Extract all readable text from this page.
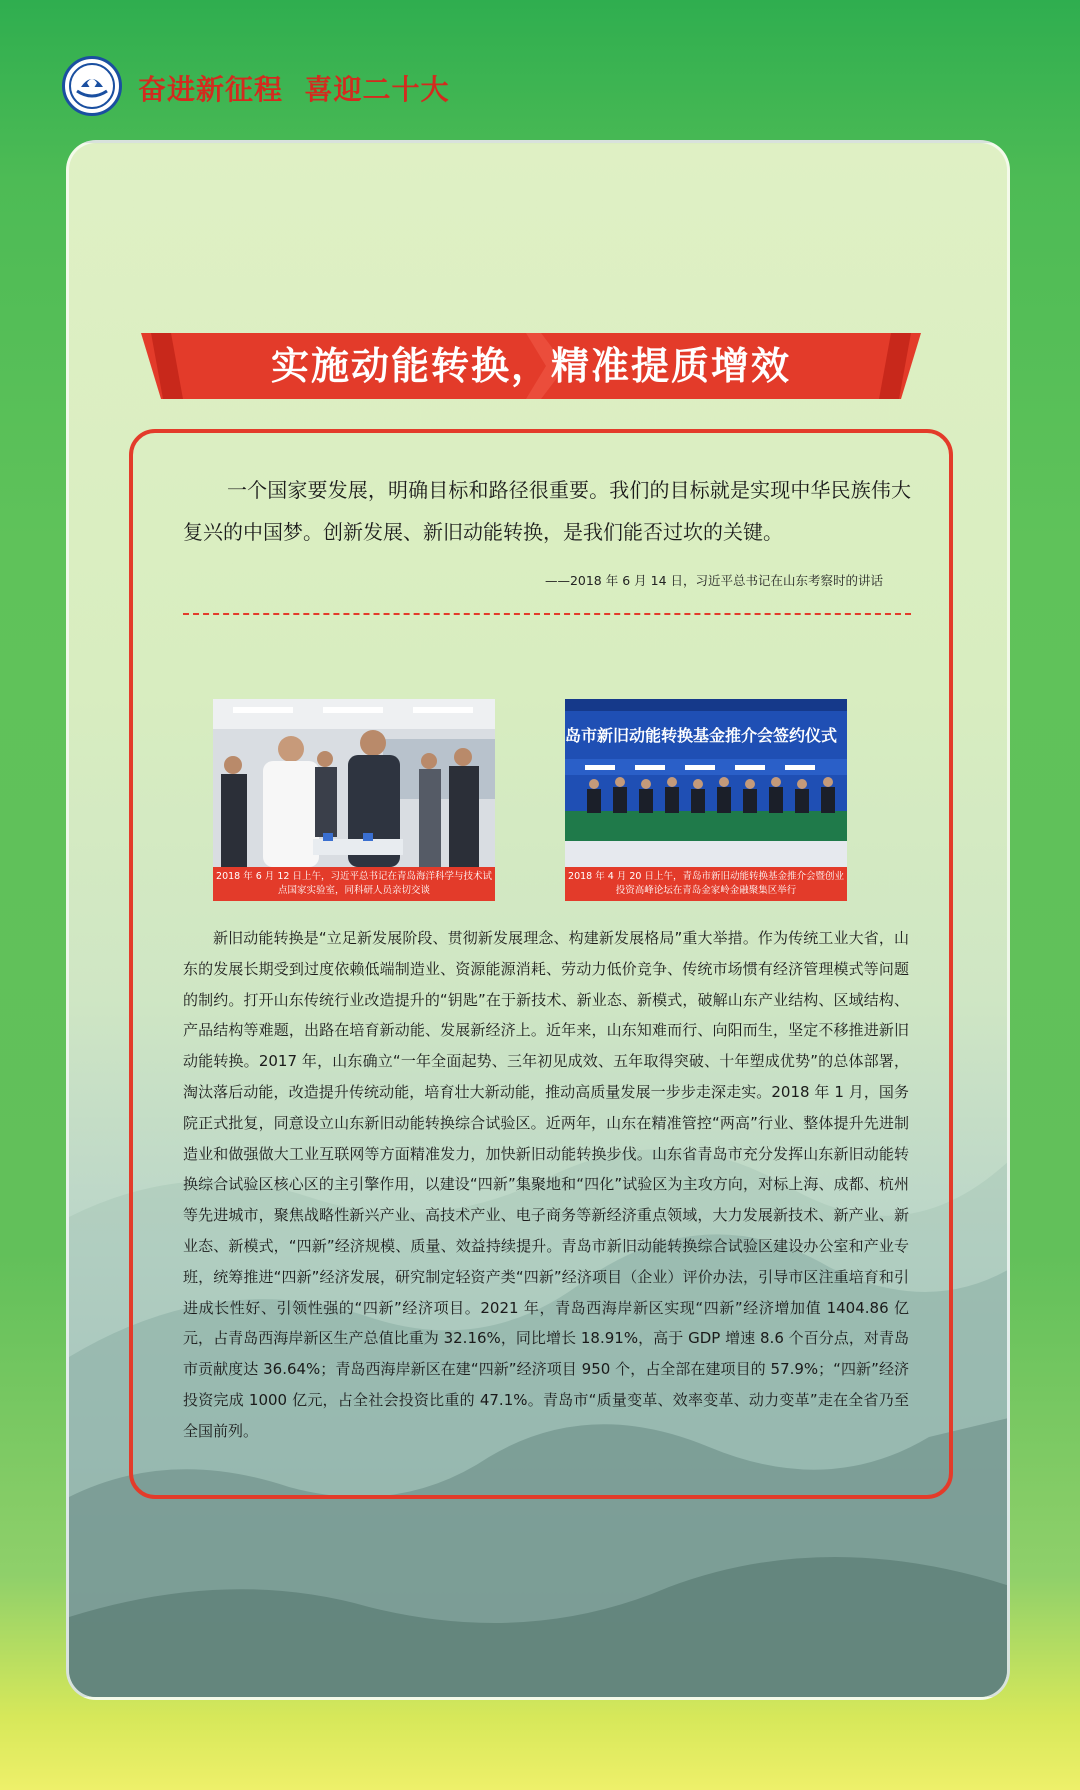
奋进新征程  喜迎二十大
实施动能转换，精准提质增效
一个国家要发展，明确目标和路径很重要。我们的目标就是实现中华民族伟大复兴的中国梦。创新发展、新旧动能转换，是我们能否过坎的关键。
——2018 年 6 月 14 日，习近平总书记在山东考察时的讲话
2018 年 6 月 12 日上午，习近平总书记在青岛海洋科学与技术试点国家实验室，同科研人员亲切交谈
岛市新旧动能转换基金推介会签约仪式
2018 年 4 月 20 日上午，青岛市新旧动能转换基金推介会暨创业投资高峰论坛在青岛金家岭金融聚集区举行
新旧动能转换是“立足新发展阶段、贯彻新发展理念、构建新发展格局”重大举措。作为传统工业大省，山东的发展长期受到过度依赖低端制造业、资源能源消耗、劳动力低价竞争、传统市场惯有经济管理模式等问题的制约。打开山东传统行业改造提升的“钥匙”在于新技术、新业态、新模式，破解山东产业结构、区域结构、产品结构等难题，出路在培育新动能、发展新经济上。近年来，山东知难而行、向阳而生，坚定不移推进新旧动能转换。2017 年，山东确立“一年全面起势、三年初见成效、五年取得突破、十年塑成优势”的总体部署，淘汰落后动能，改造提升传统动能，培育壮大新动能，推动高质量发展一步步走深走实。2018 年 1 月，国务院正式批复，同意设立山东新旧动能转换综合试验区。近两年，山东在精准管控“两高”行业、整体提升先进制造业和做强做大工业互联网等方面精准发力，加快新旧动能转换步伐。山东省青岛市充分发挥山东新旧动能转换综合试验区核心区的主引擎作用，以建设“四新”集聚地和“四化”试验区为主攻方向，对标上海、成都、杭州等先进城市，聚焦战略性新兴产业、高技术产业、电子商务等新经济重点领域，大力发展新技术、新产业、新业态、新模式，“四新”经济规模、质量、效益持续提升。青岛市新旧动能转换综合试验区建设办公室和产业专班，统筹推进“四新”经济发展，研究制定轻资产类“四新”经济项目（企业）评价办法，引导市区注重培育和引进成长性好、引领性强的“四新”经济项目。2021 年，青岛西海岸新区实现“四新”经济增加值 1404.86 亿元，占青岛西海岸新区生产总值比重为 32.16%，同比增长 18.91%，高于 GDP 增速 8.6 个百分点，对青岛市贡献度达 36.64%；青岛西海岸新区在建“四新”经济项目 950 个，占全部在建项目的 57.9%；“四新”经济投资完成 1000 亿元，占全社会投资比重的 47.1%。青岛市“质量变革、效率变革、动力变革”走在全省乃至全国前列。
